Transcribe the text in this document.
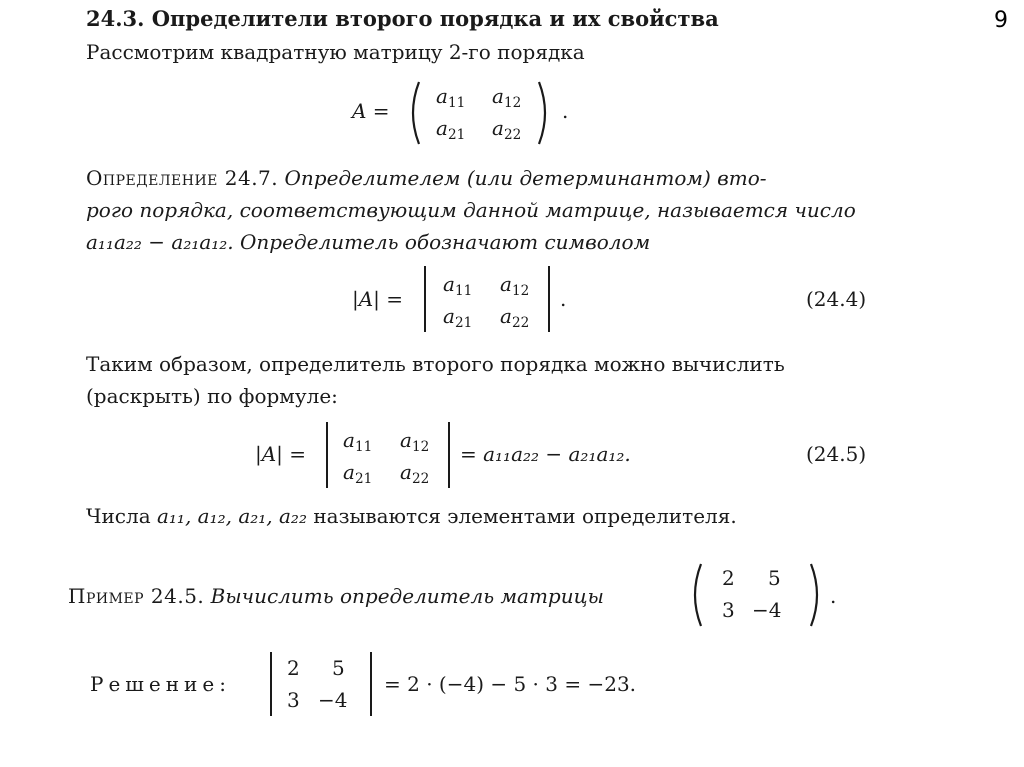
24.3. Определители второго порядка и их свойства	9
Рассмотрим квадратную матрицу 2-го порядка
A =
$a_{11}$ $a_{12}$
$a_{21}$ $a_{22}$
.
Определение 24.7. Определителем (или детерминантом) вто-
рого порядка, соответствующим данной матрице, называется число
a₁₁a₂₂ − a₂₁a₁₂. Определитель обозначают символом
|A| =
$a_{11}$ $a_{12}$
$a_{21}$ $a_{22}$
.	(24.4)
Таким образом, определитель второго порядка можно вычислить
(раскрыть) по формуле:
|A| =
$a_{11}$ $a_{12}$
$a_{21}$ $a_{22}$
= a₁₁a₂₂ − a₂₁a₁₂.	(24.5)
Числа a₁₁, a₁₂, a₂₁, a₂₂ называются элементами определителя.
Пример 24.5. Вычислить определитель матрицы
2 5
3 −4
.
Решение:
2 5
3 −4
= 2 · (−4) − 5 · 3 = −23.
